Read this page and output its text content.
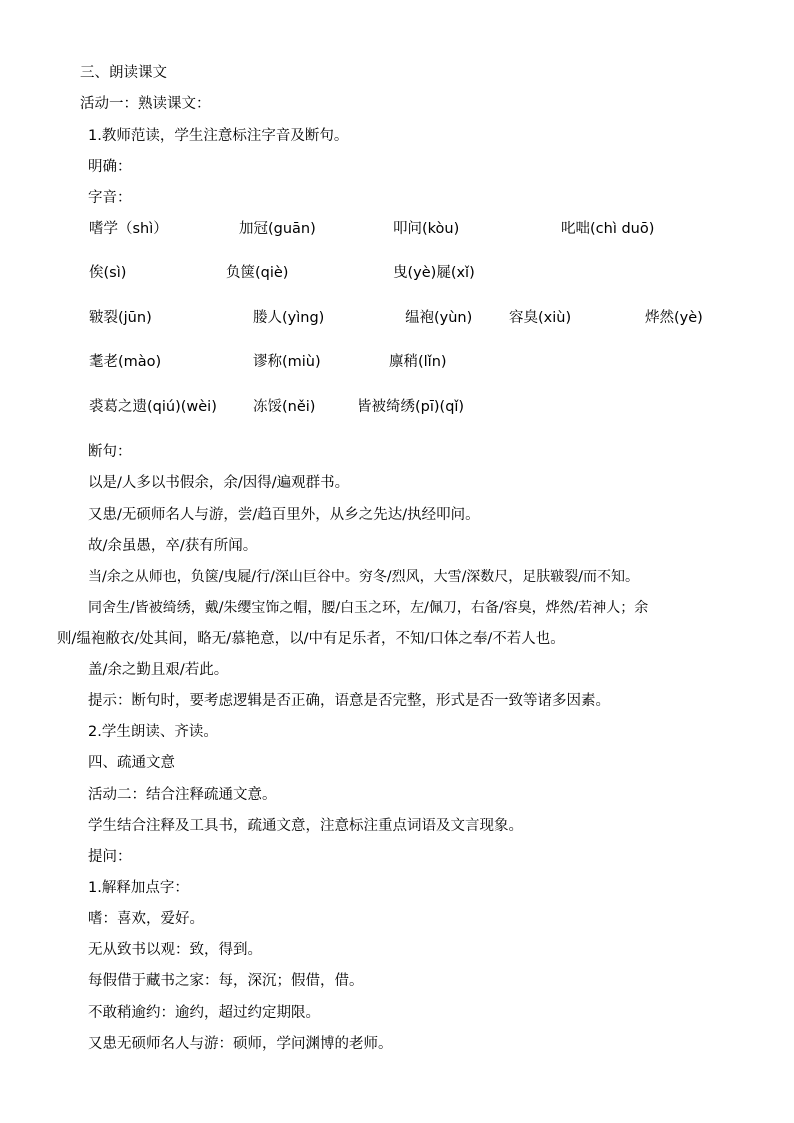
三、朗读课文
活动一：熟读课文：
1.教师范读，学生注意标注字音及断句。
明确：
字音：
嗜学（shì）	加冠(guān)	叩问(kòu)	叱咄(chì duō)
俟(sì)	负箧(qiè)	曳(yè)屣(xǐ)
皲裂(jūn)	媵人(yìng)	缊袍(yùn)	容臭(xiù)	烨然(yè)
耄老(mào)	谬称(miù)	廪稍(lǐn)
裘葛之遗(qiú)(wèi) 冻馁(něi)	皆被绮绣(pī)(qǐ)
断句：
以是/人多以书假余，余/因得/遍观群书。
又患/无硕师名人与游，尝/趋百里外，从乡之先达/执经叩问。
故/余虽愚，卒/获有所闻。
当/余之从师也，负箧/曳屣/行/深山巨谷中。穷冬/烈风，大雪/深数尺，足肤皲裂/而不知。
同舍生/皆被绮绣，戴/朱缨宝饰之帽，腰/白玉之环，左/佩刀，右备/容臭，烨然/若神人；余
则/缊袍敝衣/处其间，略无/慕艳意，以/中有足乐者，不知/口体之奉/不若人也。
盖/余之勤且艰/若此。
提示：断句时，要考虑逻辑是否正确，语意是否完整，形式是否一致等诸多因素。
2.学生朗读、齐读。
四、疏通文意
活动二：结合注释疏通文意。
学生结合注释及工具书，疏通文意，注意标注重点词语及文言现象。
提问：
1.解释加点字：
嗜：喜欢，爱好。
无从致书以观：致，得到。
每假借于藏书之家：每，深沉；假借，借。
不敢稍逾约：逾约，超过约定期限。
又患无硕师名人与游：硕师，学问渊博的老师。
